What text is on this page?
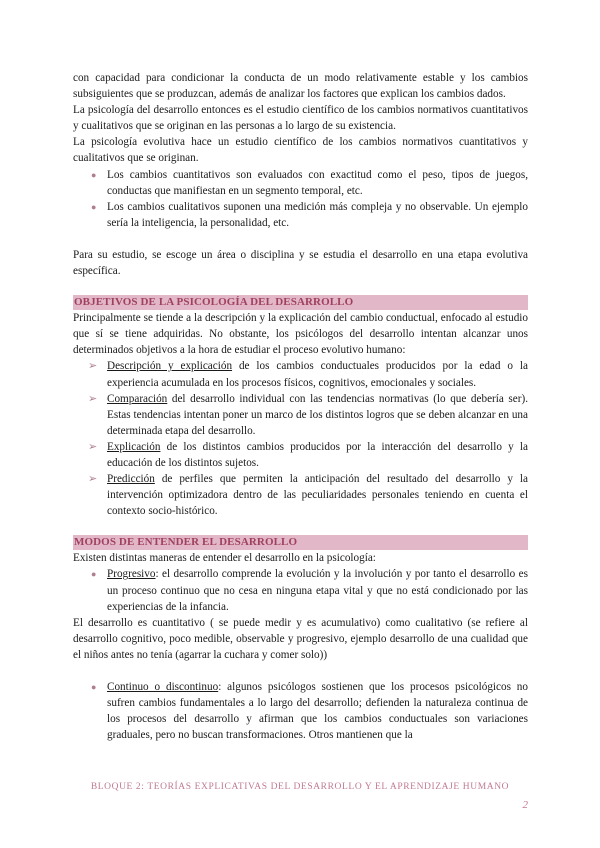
con capacidad para condicionar la conducta de un modo relativamente estable y los cambios subsiguientes que se produzcan, además de analizar los factores que explican los cambios dados.

La psicología del desarrollo entonces es el estudio científico de los cambios normativos cuantitativos y cualitativos que se originan en las personas a lo largo de su existencia.

La psicología evolutiva hace un estudio científico de los cambios normativos cuantitativos y cualitativos que se originan.

● Los cambios cuantitativos son evaluados con exactitud como el peso, tipos de juegos, conductas que manifiestan en un segmento temporal, etc.
● Los cambios cualitativos suponen una medición más compleja y no observable. Un ejemplo sería la inteligencia, la personalidad, etc.

Para su estudio, se escoge un área o disciplina y se estudia el desarrollo en una etapa evolutiva específica.

OBJETIVOS DE LA PSICOLOGÍA DEL DESARROLLO

Principalmente se tiende a la descripción y la explicación del cambio conductual, enfocado al estudio que sí se tiene adquiridas. No obstante, los psicólogos del desarrollo intentan alcanzar unos determinados objetivos a la hora de estudiar el proceso evolutivo humano:

➢ Descripción y explicación de los cambios conductuales producidos por la edad o la experiencia acumulada en los procesos físicos, cognitivos, emocionales y sociales.
➢ Comparación del desarrollo individual con las tendencias normativas (lo que debería ser). Estas tendencias intentan poner un marco de los distintos logros que se deben alcanzar en una determinada etapa del desarrollo.
➢ Explicación de los distintos cambios producidos por la interacción del desarrollo y la educación de los distintos sujetos.
➢ Predicción de perfiles que permiten la anticipación del resultado del desarrollo y la intervención optimizadora dentro de las peculiaridades personales teniendo en cuenta el contexto socio-histórico.
MODOS DE ENTENDER EL DESARROLLO

Existen distintas maneras de entender el desarrollo en la psicología:

● Progresivo: el desarrollo comprende la evolución y la involución y por tanto el desarrollo es un proceso continuo que no cesa en ninguna etapa vital y que no está condicionado por las experiencias de la infancia.

El desarrollo es cuantitativo ( se puede medir y es acumulativo) como cualitativo (se refiere al desarrollo cognitivo, poco medible, observable y progresivo, ejemplo desarrollo de una cualidad que el niños antes no tenía (agarrar la cuchara y comer solo))

● Continuo o discontinuo: algunos psicólogos sostienen que los procesos psicológicos no sufren cambios fundamentales a lo largo del desarrollo; defienden la naturaleza continua de los procesos del desarrollo y afirman que los cambios conductuales son variaciones graduales, pero no buscan transformaciones. Otros mantienen que la
BLOQUE 2: TEORÍAS EXPLICATIVAS DEL DESARROLLO Y EL APRENDIZAJE HUMANO
2
